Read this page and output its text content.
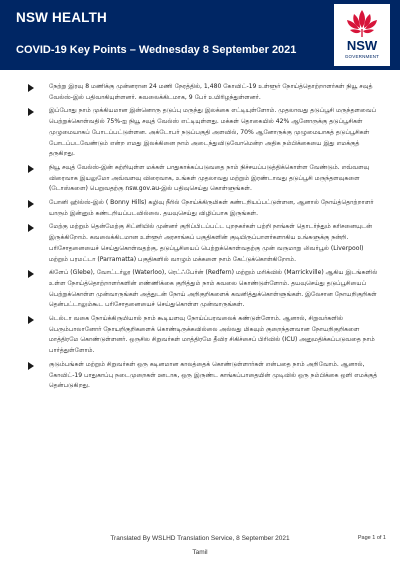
NSW HEALTH
COVID-19 Key Points – Wednesday 8 September 2021	NSW
GOVERNMENT
நேற்று இரவு 8 மணிக்கு முன்னரான 24 மணி நேரத்தில், 1,480 கோவிட்-19 உள்ளூர் நோய்த்தொற்றாளர்கள் நியூ சவுத் வேல்ஸ்-இல் பதிவாகியுள்ளனர். கவலைக்கிடமாக, 9 பேர் உயிரிழந்துள்ளனர்.
இப்போது நாம் முக்கியமான இன்னொரு தடுப்பு மருந்து இலக்கை எட்டியுள்ளோம். முதலாவது தடுப்பூசி மருந்தளவைப் பெற்றுக்கொள்வதில் 75%-ஐ நியூ சவுத் வேல்ஸ் எட்டியுள்ளது. மக்கள் தொகையில் 42% ஆனோருக்கு தடுப்பூசிகள் முழுமையாகப் போடப்பட்டுள்ளன. அக்டோபர் நடுப்பகுதி அளவில், 70% ஆனோருக்கு முழுமையாகத் தடுப்பூசிகள் போடப்படவேண்டும் என்ற எமது இலக்கினை நாம் அடைந்துவிடுவோமென்ற அதிக நம்பிக்கையை இது எமக்குத் தருகிறது.
நியூ சவுத் வேல்ஸ்-இன் சுற்றியுள்ள மக்கள் பாதுகாக்கப்படுவதை நாம் நிச்சயப்படுத்திக்கொள்ள வேண்டும். எவ்வளவு விரைவாக இயலுமோ அவ்வளவு விரைவாக, உங்கள் முதலாவது மற்றும் இரண்டாவது தடுப்பூசி மருந்தளவுகளை (டோஸ்களை) பெறுவதற்கு nsw.gov.au-இல் பதிவுசெய்து கொள்ளுங்கள்.
போனி ஹில்ஸ்-இல் ( Bonny Hills) கழிவு நீரில் நோய்க்கிருமிகள் கண்டறியப்பட்டுள்ளன, ஆனால் நோய்த்தொற்றாளர் யாரும் இன்னும் கண்டறியப்படவில்லை. தயவுசெய்து விழிப்பாக இருங்கள்.
மேற்கு மற்றும் தென்மேற்கு சிட்னியில் முன்னர் குறிப்பிடப்பட்ட புறநகர்கள் பற்றி நாங்கள் தொடர்ந்தும் கரிசனையுடன் இருக்கிறோம். கவலைக்கிடமான உள்ளூர் அரசாங்கப் பகுதிகளின் குடியிருப்பாளர்களாகிய உங்களுக்கு நன்றி. பரிசோதனையைச் செய்துகொள்வதற்கு, தடுப்பூசியைப் பெற்றுக்கொள்வதற்கு முன் வருமாறு லிவர்பூல் (Liverpool) மற்றும் பரமட்டா (Parramatta) பகுதிகளில் வாழும் மக்களை நாம் கேட்டுக்கொள்கிறோம்.
கிளேப் (Glebe), வோட்டர்லூ (Waterloo), ரெட்ஃபேர்ன் (Redfern) மற்றும் மரிக்வில் (Marrickville) ஆகிய இடங்களில் உள்ள நோய்த்தொற்றாளர்களின் எண்ணிக்கை குறித்தும் நாம் கவலை கொண்டுள்ளோம். தயவுசெய்து தடுப்பூசியைப் பெற்றுக்கொள்ள முன்வாருங்கள் அத்துடன் நோய் அறிகுறிகளைக் கவனித்துக்கொள்ளுங்கள். இலேசான நோயறிகுறிகள் தென்பட்டாலும்கூட பரிசோதனையைச் செய்துகொள்ள முன்வாருங்கள்.
டெல்டா வகை நோய்க்கிருமியால் நாம் கூடியளவு நோய்ப்பரவலைக் கண்டுள்ளோம். ஆனால், சிறுவர்களில் பெரும்பாலானோர் நோயறிகுறிகளைக் கொண்டிருக்கவில்லை அல்லது மிகவும் குறைந்தளவான நோயறிகுறிகளை மாத்திரமே கொண்டுள்ளனர். ஒருசில சிறுவர்கள் மாத்திரமே தீவிர சிகிச்சைப் பிரிவில் (ICU) அனுமதிக்கப்படுவதை நாம் பார்த்துள்ளோம்.
குடும்பங்கள் மற்றும் சிறுவர்கள் ஒரு கடினமான காலத்தைக் கொண்டுள்ளார்கள் என்பதை நாம் அறிவோம். ஆனால், கோவிட்-19 பாதுகாப்பு நடைமுறைகள் ஊடாக, ஒரு இருண்ட காங்கப்பாதையின் முடிவில் ஒரு நம்பிக்கை ஒளி எமக்குத் தென்படுகிறது.
Translated By WSLHD Translation Service, 8 September 2021
Tamil
Page 1 of 1
